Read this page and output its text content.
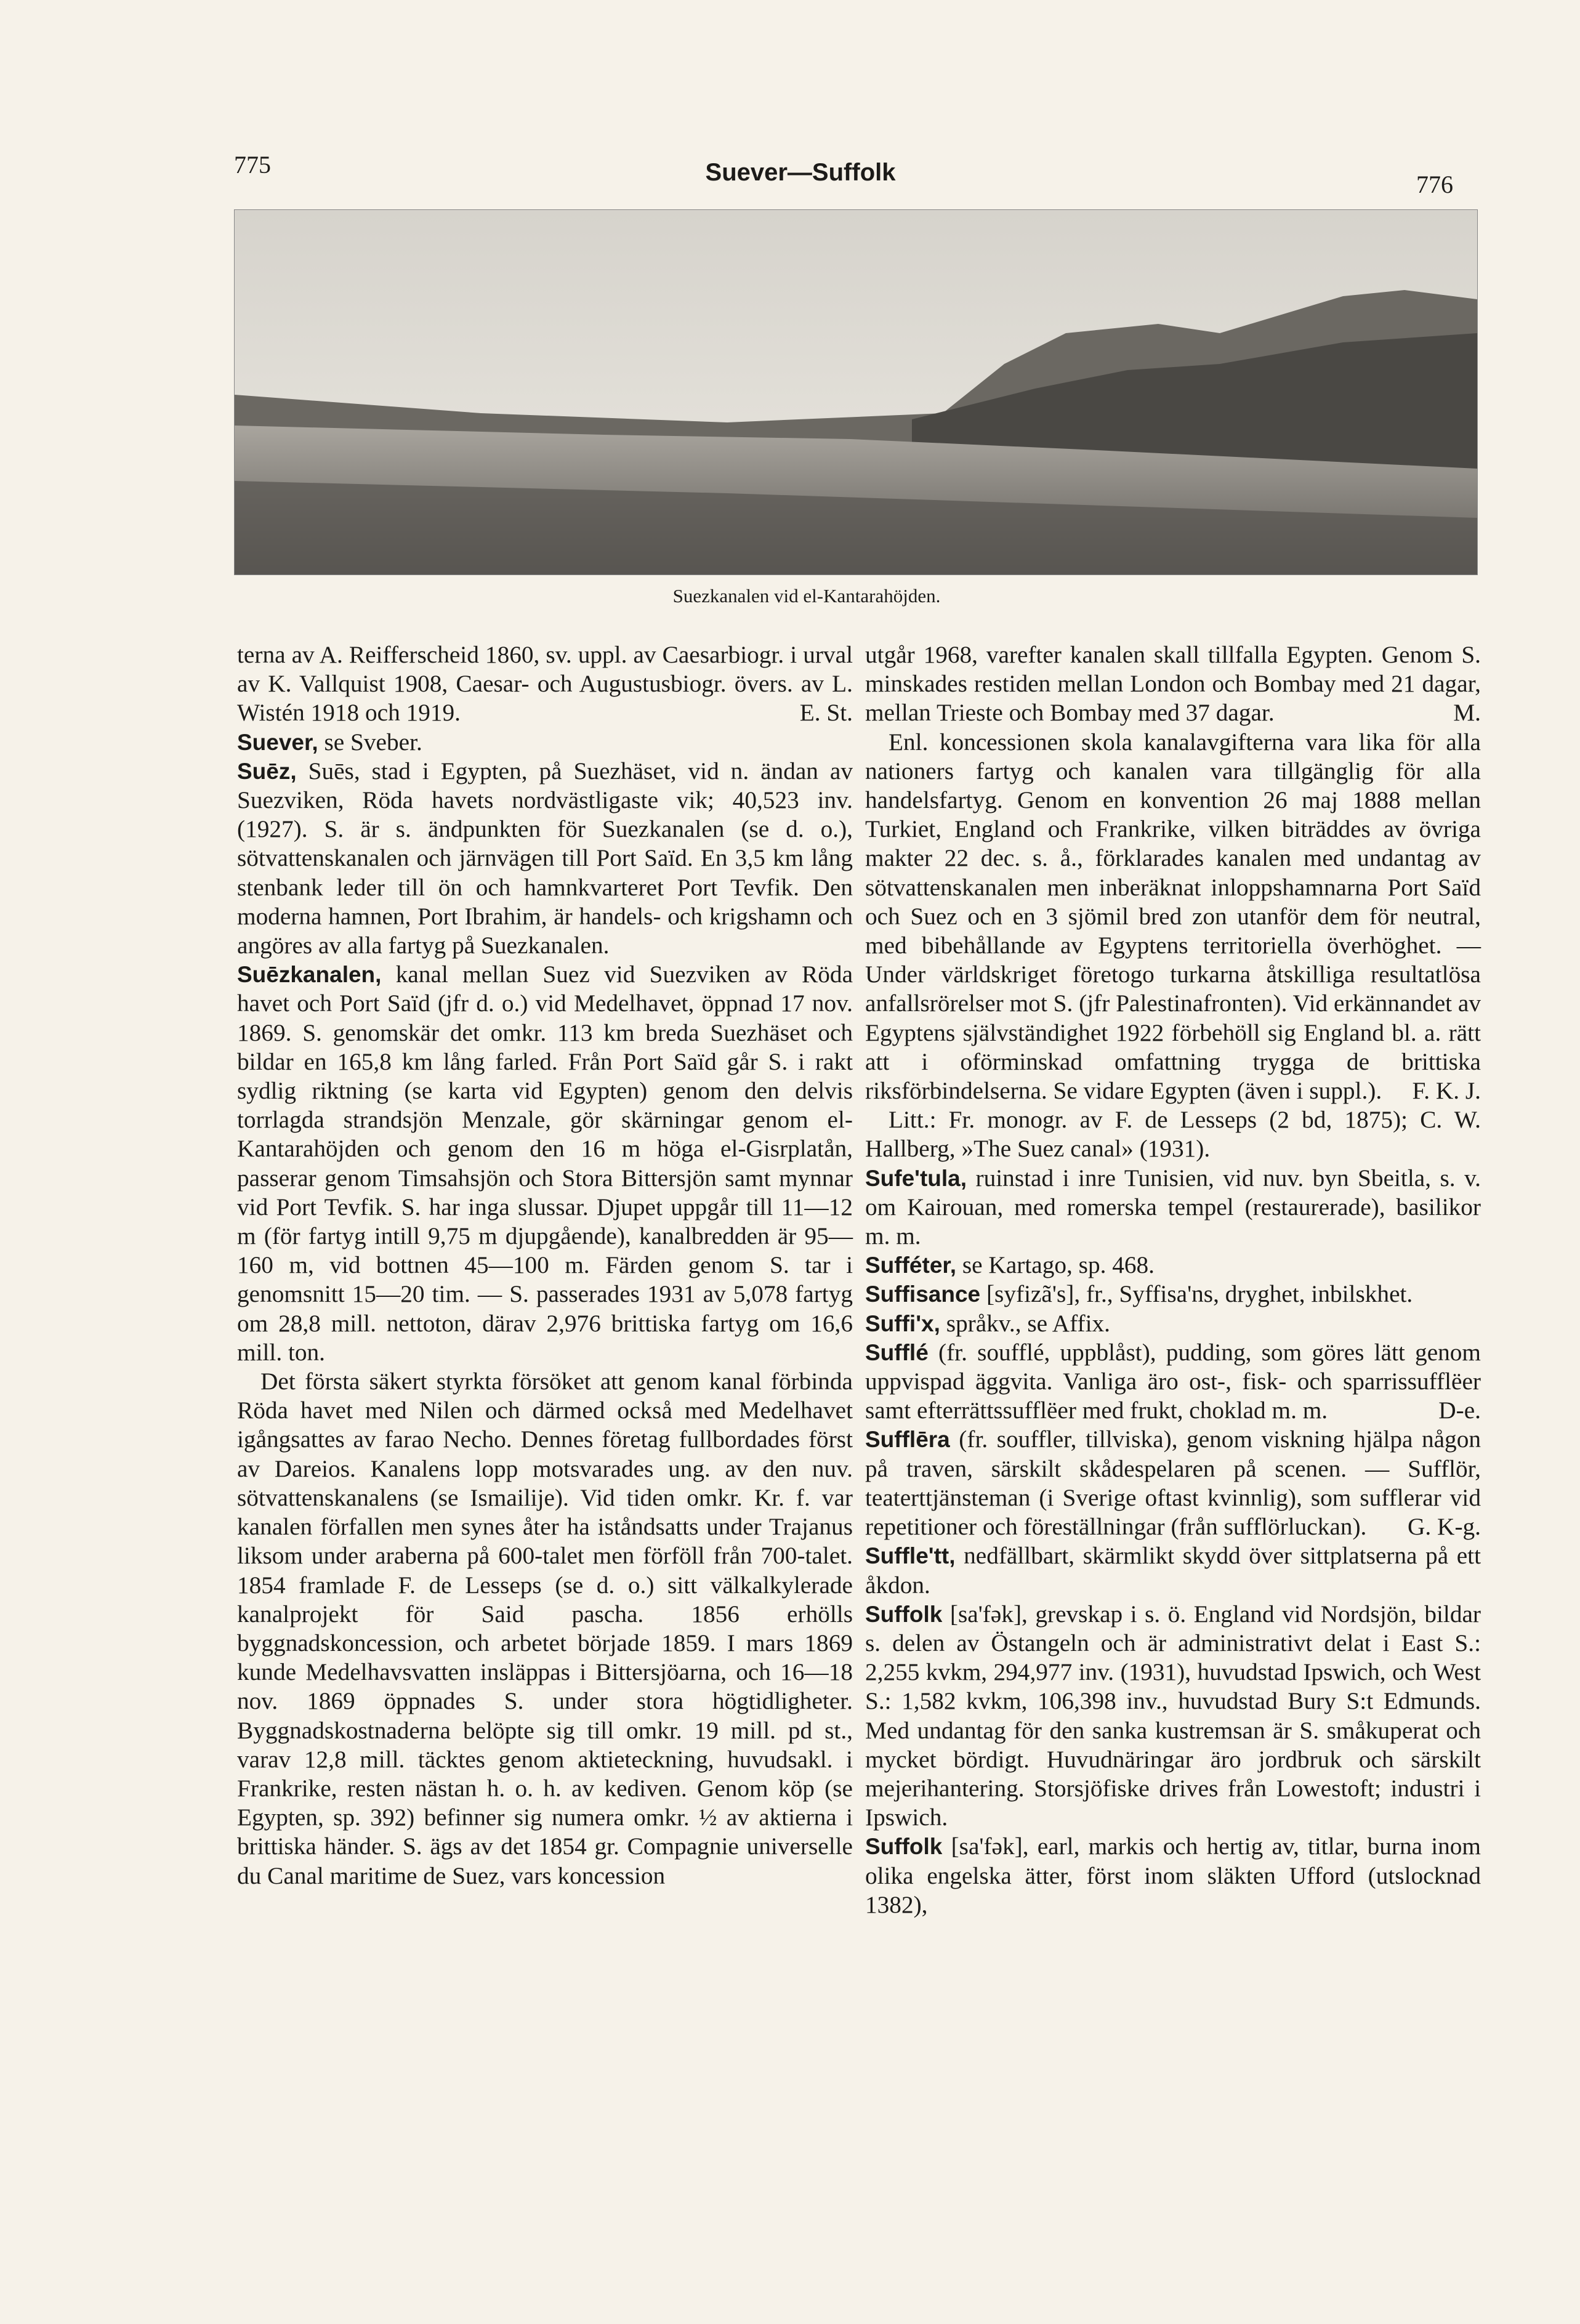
775	Suever—Suffolk	776
Suezkanalen vid el-Kantarahöjden.

terna av A. Reifferscheid 1860, sv. uppl. av Caesarbiogr. i urval av K. Vallquist 1908, Caesar- och Augustusbiogr. övers. av L. Wistén 1918 och 1919.	E. St.

Suever, se Sveber.

Suēz, Suēs, stad i Egypten, på Suezhäset, vid n. ändan av Suezviken, Röda havets nordvästligaste vik; 40,523 inv. (1927). S. är s. ändpunkten för Suezkanalen (se d. o.), sötvattenskanalen och järnvägen till Port Saïd. En 3,5 km lång stenbank leder till ön och hamnkvarteret Port Tevfik. Den moderna hamnen, Port Ibrahim, är handels- och krigshamn och angöres av alla fartyg på Suezkanalen.

Suēzkanalen, kanal mellan Suez vid Suezviken av Röda havet och Port Saïd (jfr d. o.) vid Medelhavet, öppnad 17 nov. 1869. S. genomskär det omkr. 113 km breda Suezhäset och bildar en 165,8 km lång farled. Från Port Saïd går S. i rakt sydlig riktning (se karta vid Egypten) genom den delvis torrlagda strandsjön Menzale, gör skärningar genom el-Kantarahöjden och genom den 16 m höga el-Gisrplatån, passerar genom Timsahsjön och Stora Bittersjön samt mynnar vid Port Tevfik. S. har inga slussar. Djupet uppgår till 11—12 m (för fartyg intill 9,75 m djupgående), kanalbredden är 95—160 m, vid bottnen 45—100 m. Färden genom S. tar i genomsnitt 15—20 tim. — S. passerades 1931 av 5,078 fartyg om 28,8 mill. nettoton, därav 2,976 brittiska fartyg om 16,6 mill. ton.

Det första säkert styrkta försöket att genom kanal förbinda Röda havet med Nilen och därmed också med Medelhavet igångsattes av farao Necho. Dennes företag fullbordades först av Dareios. Kanalens lopp motsvarades ung. av den nuv. sötvattenskanalens (se Ismailije). Vid tiden omkr. Kr. f. var kanalen förfallen men synes åter ha iståndsatts under Trajanus liksom under araberna på 600-talet men förföll från 700-talet. 1854 framlade F. de Lesseps (se d. o.) sitt välkalkylerade kanalprojekt för Said pascha. 1856 erhölls byggnadskoncession, och arbetet började 1859. I mars 1869 kunde Medelhavsvatten insläppas i Bittersjöarna, och 16—18 nov. 1869 öppnades S. under stora högtidligheter. Byggnadskostnaderna belöpte sig till omkr. 19 mill. pd st., varav 12,8 mill. täcktes genom aktieteckning, huvudsakl. i Frankrike, resten nästan h. o. h. av kediven. Genom köp (se Egypten, sp. 392) befinner sig numera omkr. ½ av aktierna i brittiska händer. S. ägs av det 1854 gr. Compagnie universelle du Canal maritime de Suez, vars koncession

utgår 1968, varefter kanalen skall tillfalla Egypten. Genom S. minskades restiden mellan London och Bombay med 21 dagar, mellan Trieste och Bombay med 37 dagar.	M.

Enl. koncessionen skola kanalavgifterna vara lika för alla nationers fartyg och kanalen vara tillgänglig för alla handelsfartyg. Genom en konvention 26 maj 1888 mellan Turkiet, England och Frankrike, vilken biträddes av övriga makter 22 dec. s. å., förklarades kanalen med undantag av sötvattenskanalen men inberäknat inloppshamnarna Port Saïd och Suez och en 3 sjömil bred zon utanför dem för neutral, med bibehållande av Egyptens territoriella överhöghet. — Under världskriget företogo turkarna åtskilliga resultatlösa anfallsrörelser mot S. (jfr Palestinafronten). Vid erkännandet av Egyptens självständighet 1922 förbehöll sig England bl. a. rätt att i oförminskad omfattning trygga de brittiska riksförbindelserna. Se vidare Egypten (även i suppl.).	F. K. J.

Litt.: Fr. monogr. av F. de Lesseps (2 bd, 1875); C. W. Hallberg, »The Suez canal» (1931).

Sufe'tula, ruinstad i inre Tunisien, vid nuv. byn Sbeitla, s. v. om Kairouan, med romerska tempel (restaurerade), basilikor m. m.

Sufféter, se Kartago, sp. 468.

Suffisance [syfizã's], fr., Syffisa'ns, dryghet, inbilskhet.

Suffi'x, språkv., se Affix.

Sufflé (fr. soufflé, uppblåst), pudding, som göres lätt genom uppvispad äggvita. Vanliga äro ost-, fisk- och sparrissufflëer samt efterrättssufflëer med frukt, choklad m. m.	D-e.

Sufflēra (fr. souffler, tillviska), genom viskning hjälpa någon på traven, särskilt skådespelaren på scenen. — Sufflör, teaterttjänsteman (i Sverige oftast kvinnlig), som sufflerar vid repetitioner och föreställningar (från sufflörluckan). G. K-g.

Suffle'tt, nedfällbart, skärmlikt skydd över sittplatserna på ett åkdon.

Suffolk [sa'fək], grevskap i s. ö. England vid Nordsjön, bildar s. delen av Östangeln och är administrativt delat i East S.: 2,255 kvkm, 294,977 inv. (1931), huvudstad Ipswich, och West S.: 1,582 kvkm, 106,398 inv., huvudstad Bury S:t Edmunds. Med undantag för den sanka kustremsan är S. småkuperat och mycket bördigt. Huvudnäringar äro jordbruk och särskilt mejerihantering. Storsjöfiske drives från Lowestoft; industri i Ipswich.

Suffolk [sa'fək], earl, markis och hertig av, titlar, burna inom olika engelska ätter, först inom släkten Ufford (utslocknad 1382),
